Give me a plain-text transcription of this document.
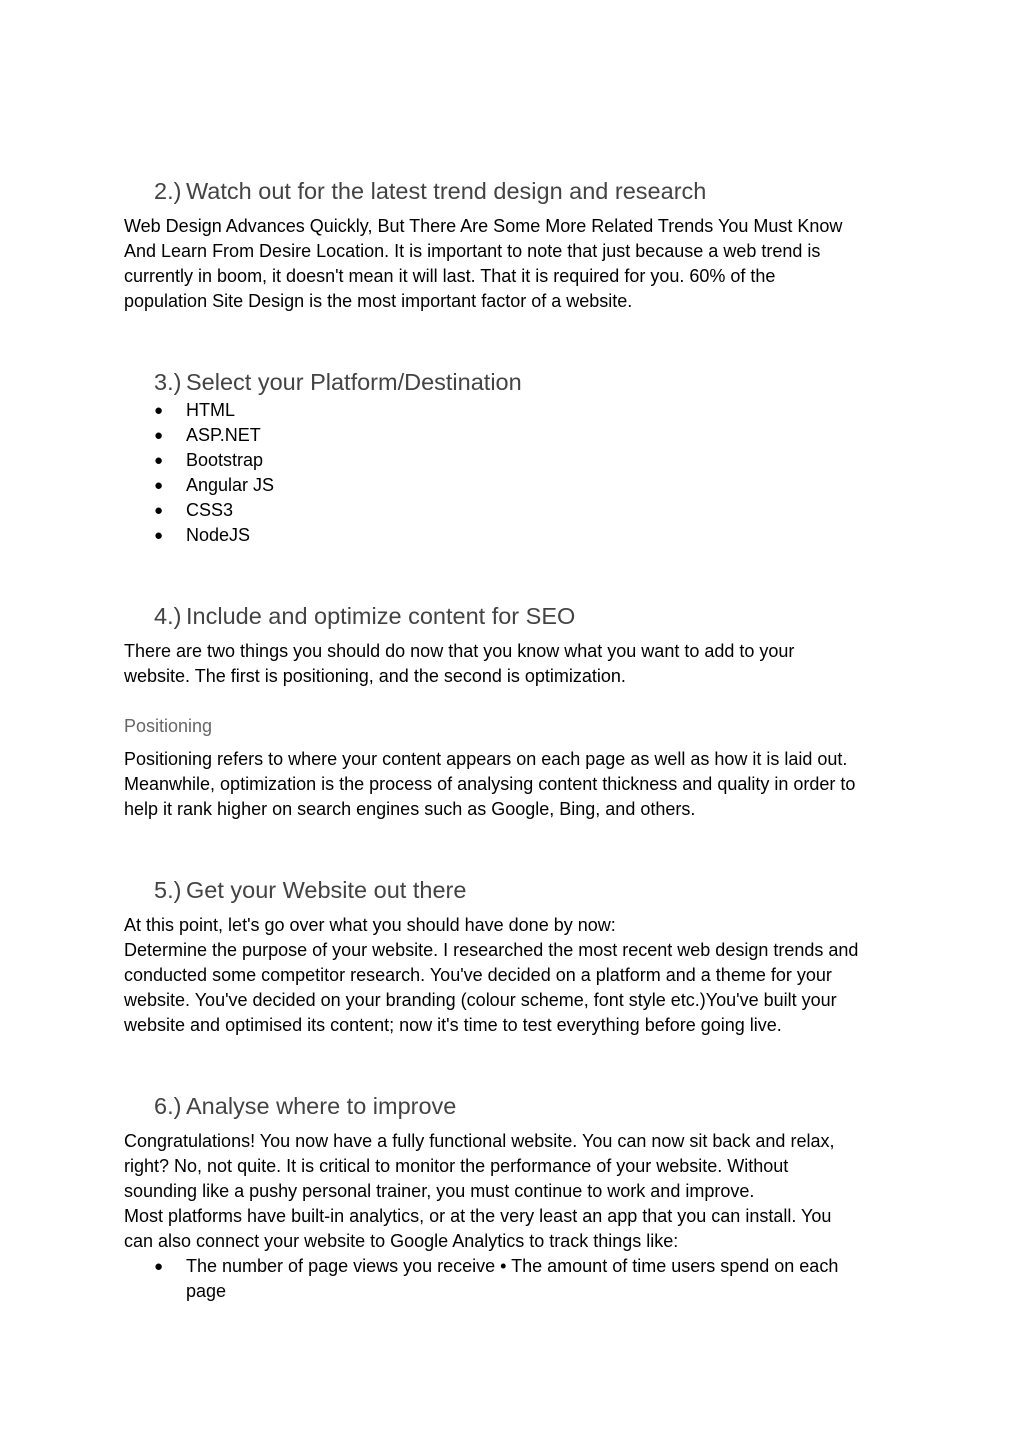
2.) Watch out for the latest trend design and research
Web Design Advances Quickly, But There Are Some More Related Trends You Must Know
And Learn From Desire Location. It is important to note that just because a web trend is
currently in boom, it doesn't mean it will last. That it is required for you. 60% of the
population Site Design is the most important factor of a website.
3.) Select your Platform/Destination
● HTML
● ASP.NET
● Bootstrap
● Angular JS
● CSS3
● NodeJS
4.) Include and optimize content for SEO
There are two things you should do now that you know what you want to add to your
website. The first is positioning, and the second is optimization.
Positioning
Positioning refers to where your content appears on each page as well as how it is laid out.
Meanwhile, optimization is the process of analysing content thickness and quality in order to
help it rank higher on search engines such as Google, Bing, and others.
5.) Get your Website out there
At this point, let's go over what you should have done by now:
Determine the purpose of your website. I researched the most recent web design trends and
conducted some competitor research. You've decided on a platform and a theme for your
website. You've decided on your branding (colour scheme, font style etc.)You've built your
website and optimised its content; now it's time to test everything before going live.
6.) Analyse where to improve
Congratulations! You now have a fully functional website. You can now sit back and relax,
right? No, not quite. It is critical to monitor the performance of your website. Without
sounding like a pushy personal trainer, you must continue to work and improve.
Most platforms have built-in analytics, or at the very least an app that you can install. You
can also connect your website to Google Analytics to track things like:
● The number of page views you receive • The amount of time users spend on each
page
